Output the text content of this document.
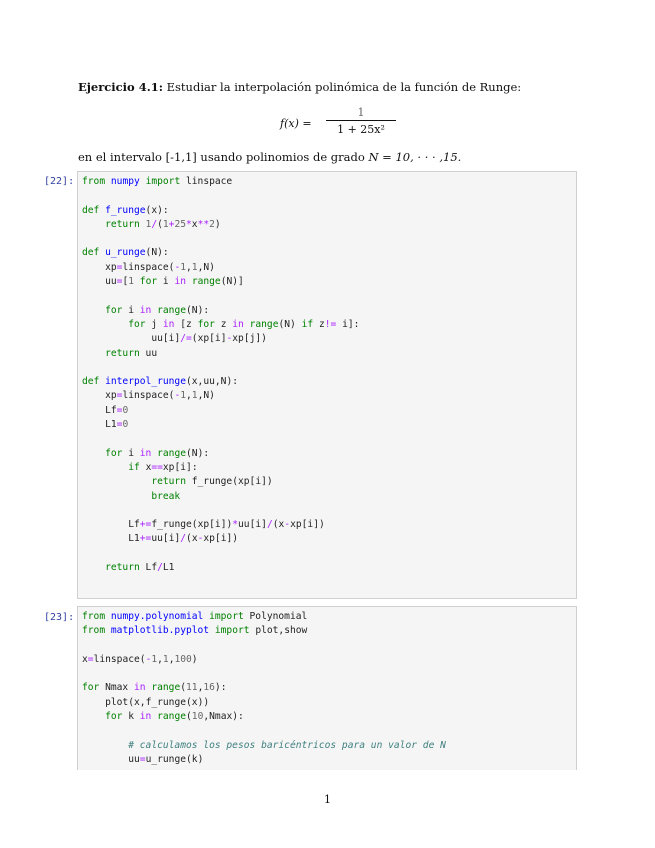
Ejercicio 4.1: Estudiar la interpolación polinómica de la función de Runge:
$f(x) = \frac{1}{\text{1 + 25x²}}$
en el intervalo [-1,1] usando polinomios de grado N = 10, · · · ,15.
[22]: from numpy import linspace

def f_runge(x):
return 1/(1+25*x**2)

def u_runge(N):
xp=linspace(-1,1,N)
uu=[1 for i in range(N)]

for i in range(N):
for j in [z for z in range(N) if z!= i]:
uu[i]/=(xp[i]-xp[j])
return uu

def interpol_runge(x,uu,N):
xp=linspace(-1,1,N)
Lf=0
L1=0

for i in range(N):
if x==xp[i]:
return f_runge(xp[i])
break

Lf+=f_runge(xp[i])*uu[i]/(x-xp[i])
L1+=uu[i]/(x-xp[i])

return Lf/L1

[23]: from numpy.polynomial import Polynomial
from matplotlib.pyplot import plot,show

x=linspace(-1,1,100)

for Nmax in range(11,16):
plot(x,f_runge(x))
for k in range(10,Nmax):

# calculamos los pesos baricéntricos para un valor de N
uu=u_runge(k)

1
